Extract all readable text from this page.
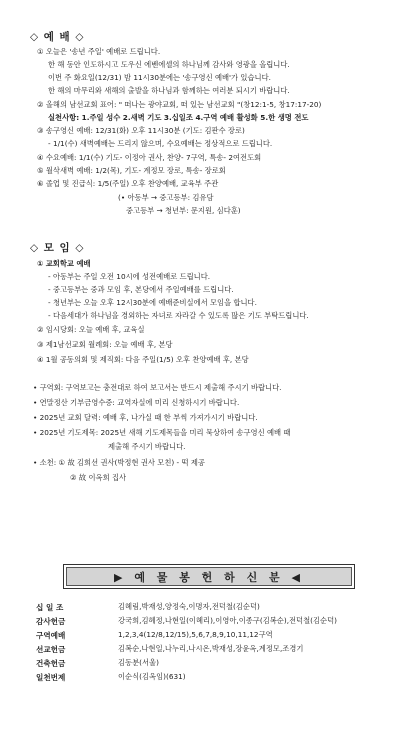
◇ 예 배 ◇
① 오늘은 '송년 주일' 예배로 드립니다.
한 해 동안 인도하시고 도우신 에벤에셀의 하나님께 감사와 영광을 올립니다.
이번 주 화요일(12/31) 밤 11시30분에는 '송구영신 예배'가 있습니다.
한 해의 마무리와 새해의 출발을 하나님과 함께하는 여러분 되시기 바랍니다.
② 올해의 남선교회 표어: " 떠나는 광야교회, 떠 있는 남선교회 "(창12:1-5, 창17:17-20)
실천사항: 1.주일 성수 2.새벽 기도 3.십일조 4.구역 예배 활성화 5.한 생명 전도
③ 송구영신 예배: 12/31(화) 오후 11시30분 (기도: 김판수 장로)
- 1/1(수) 새벽예배는 드리지 않으며, 수요예배는 정상적으로 드립니다.
④ 수요예배: 1/1(수) 기도- 이정아 권사, 찬양- 7구역, 특송- 2여전도회
⑤ 월삭새벽 예배: 1/2(목), 기도- 계정모 장로, 특송- 장로회
⑥ 졸업 및 진급식: 1/5(주일) 오후 찬양예배, 교육부 주관
(• 아동부 → 중고등부: 김유담
중고등부 → 청년부: 문지원, 심다훈)
◇ 모 임 ◇
① 교회학교 예배
- 아동부는 주일 오전 10시에 성전예배로 드립니다.
- 중고등부는 중과 모임 후, 본당에서 주일예배를 드립니다.
- 청년부는 오늘 오후 12시30분에 예배준비실에서 모임을 합니다.
- 다음세대가 하나님을 경외하는 자녀로 자라갈 수 있도록 많은 기도 부탁드립니다.
② 임시당회: 오늘 예배 후, 교육실
③ 제1남선교회 월례회: 오늘 예배 후, 본당
④ 1월 공동의회 및 제직회: 다음 주일(1/5) 오후 찬양예배 후, 본당
• 구역회: 구역보고는 충전대로 하여 보고서는 반드시 제출해 주시기 바랍니다.
• 연말정산 기부금영수증: 교역자실에 미리 신청하시기 바랍니다.
• 2025년 교회 달력: 예배 후, 나가실 때 한 부씩 가져가시기 바랍니다.
• 2025년 기도제목: 2025년 새해 기도제목들을 미리 묵상하여 송구영신 예배 때
제출해 주시기 바랍니다.
• 소천: ① 故 김희선 권사(박정현 권사 모친) - 떡 제공
② 故 이옥희 집사
▶ 예 물 봉 헌 하 신 분 ◀
십 일 조	김혜림,박재성,양정숙,이명자,전덕철(김순덕)
감사헌금	강국희,김혜정,나현일(이혜리),이영아,이종구(김복순),전덕철(김순덕)
구역예배	1,2,3,4(12/8,12/15),5,6,7,8,9,10,11,12구역
선교헌금	김복순,나현일,나누리,나시온,박재성,장윤옥,계정모,조경기
건축헌금	김동분(서울)
일천번제	이순식(김옥임)(631)
